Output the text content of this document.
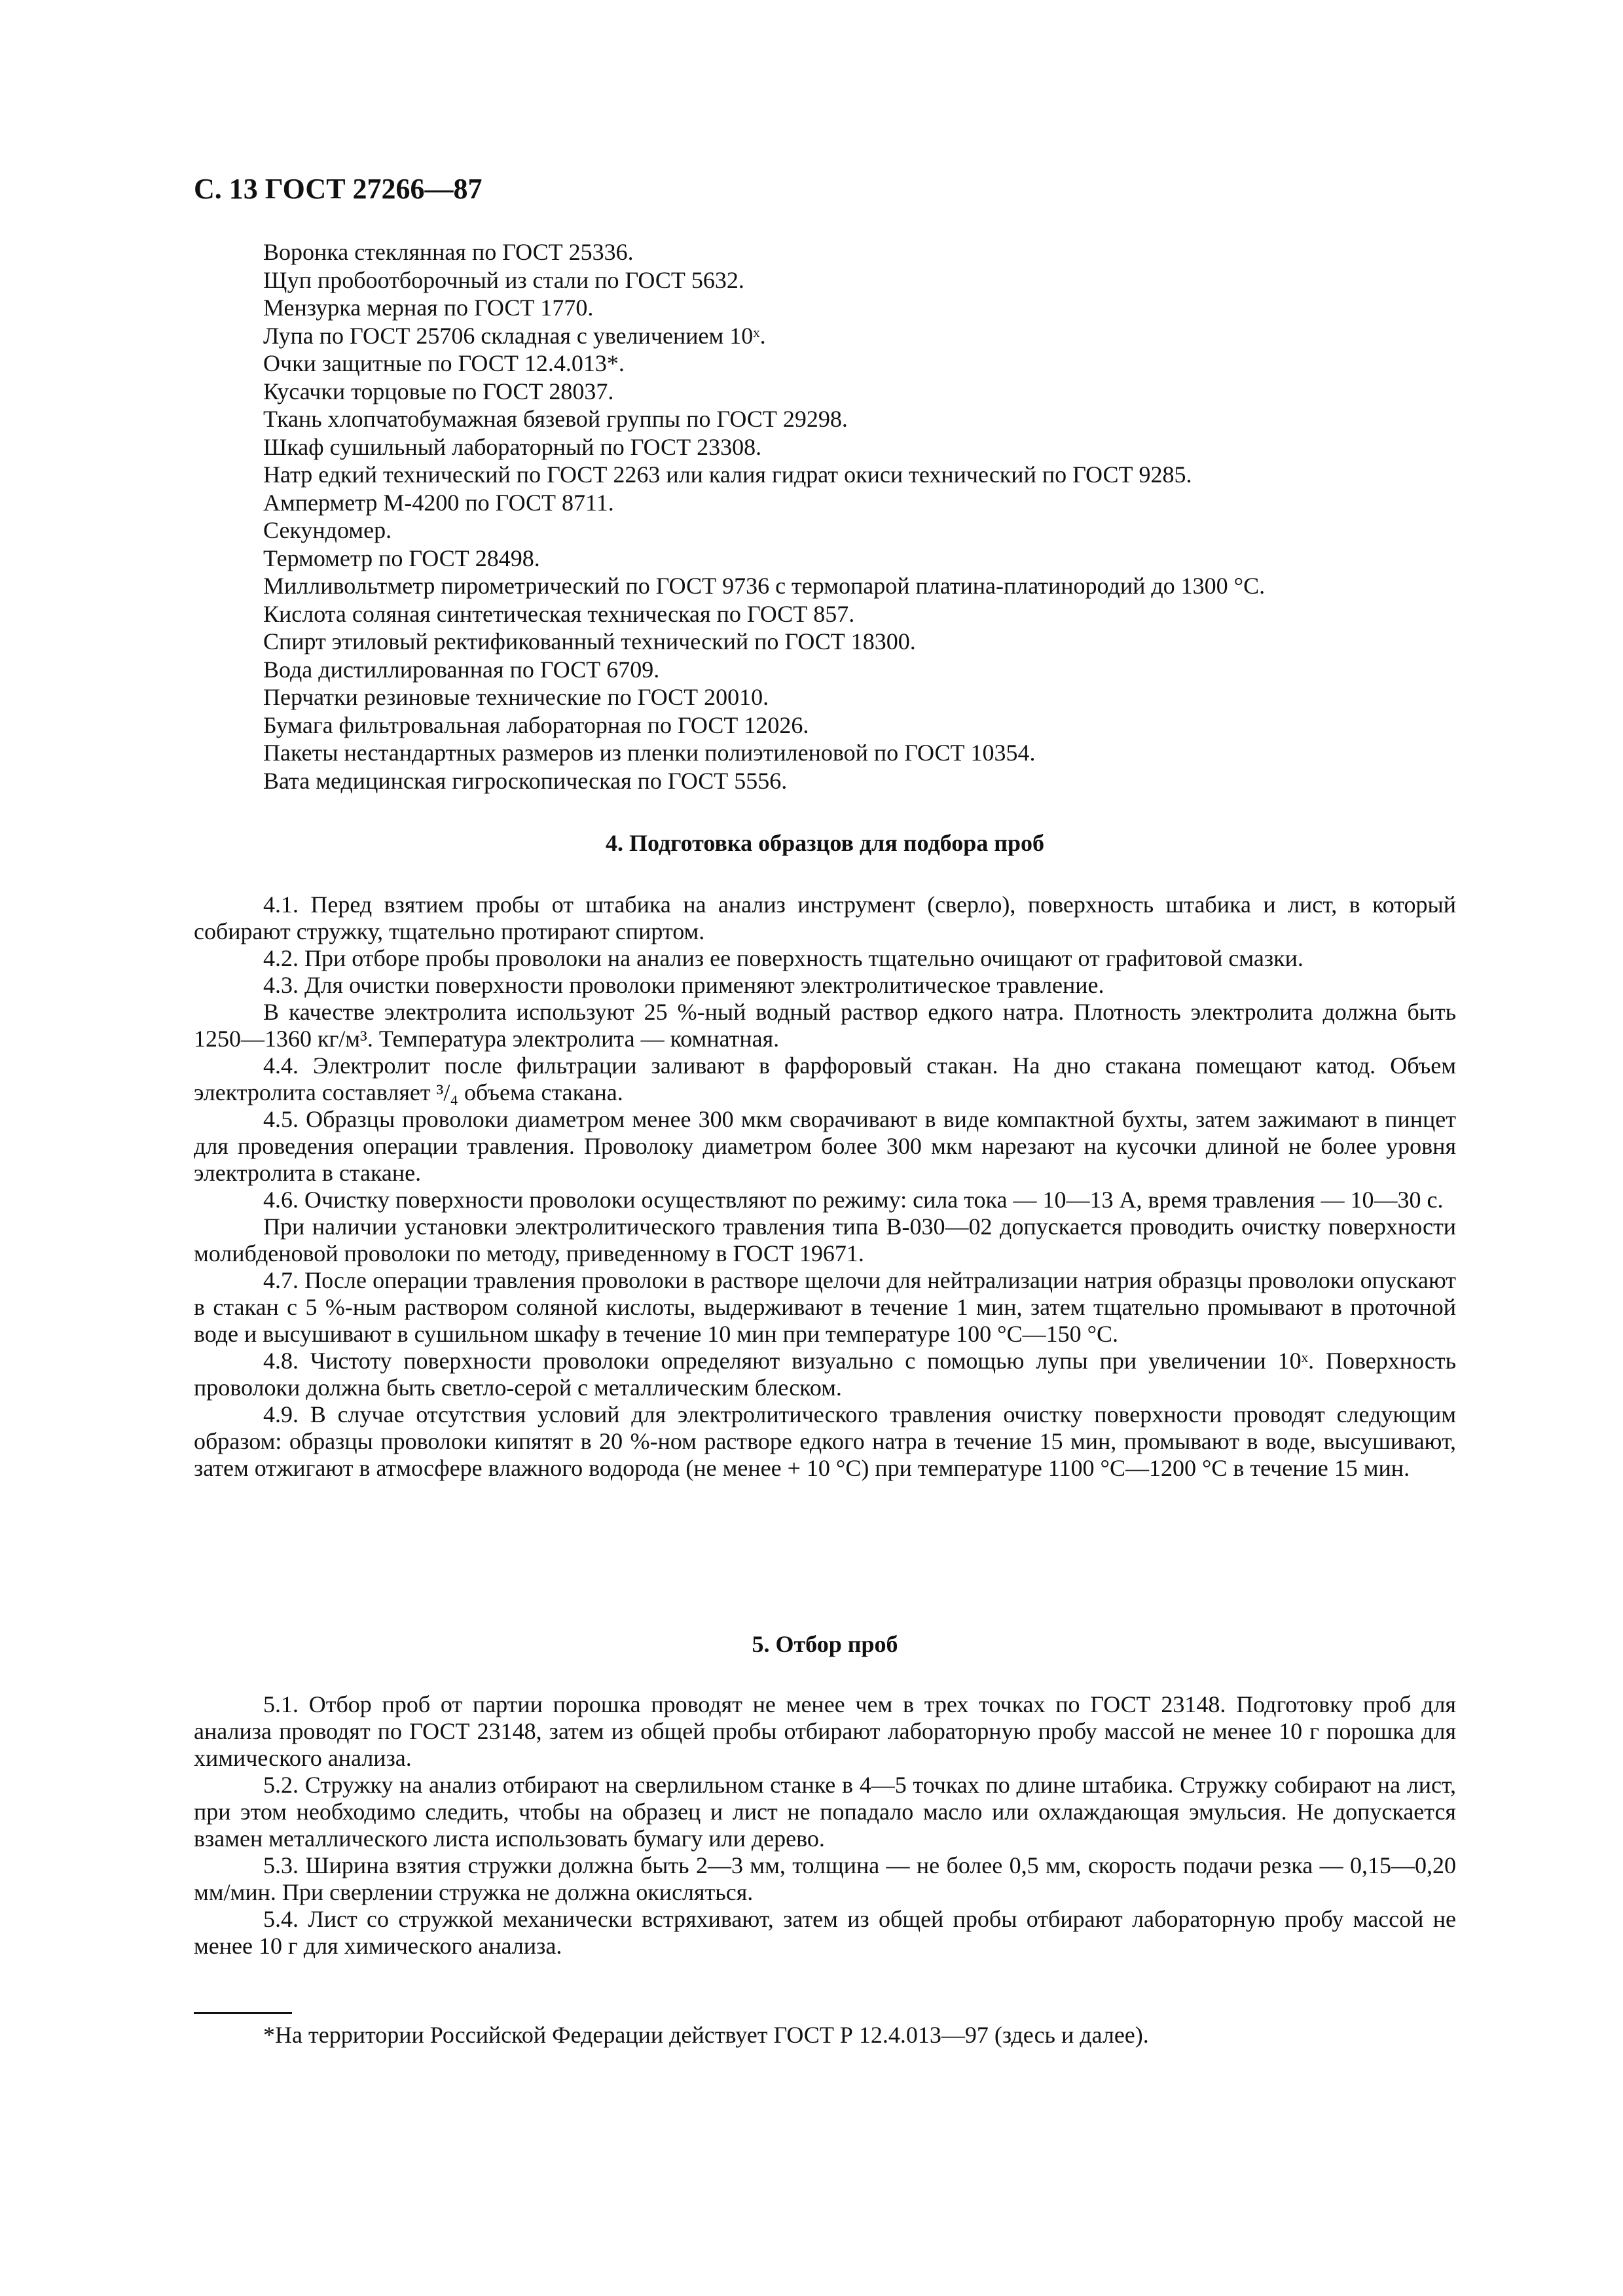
С. 13 ГОСТ 27266—87
Воронка стеклянная по ГОСТ 25336.
Щуп пробоотборочный из стали по ГОСТ 5632.
Мензурка мерная по ГОСТ 1770.
Лупа по ГОСТ 25706 складная с увеличением 10ˣ.
Очки защитные по ГОСТ 12.4.013*.
Кусачки торцовые по ГОСТ 28037.
Ткань хлопчатобумажная бязевой группы по ГОСТ 29298.
Шкаф сушильный лабораторный по ГОСТ 23308.
Натр едкий технический по ГОСТ 2263 или калия гидрат окиси технический по ГОСТ 9285.
Амперметр М-4200 по ГОСТ 8711.
Секундомер.
Термометр по ГОСТ 28498.
Милливольтметр пирометрический по ГОСТ 9736 с термопарой платина-платинородий до 1300 °С.
Кислота соляная синтетическая техническая по ГОСТ 857.
Спирт этиловый ректификованный технический по ГОСТ 18300.
Вода дистиллированная по ГОСТ 6709.
Перчатки резиновые технические по ГОСТ 20010.
Бумага фильтровальная лабораторная по ГОСТ 12026.
Пакеты нестандартных размеров из пленки полиэтиленовой по ГОСТ 10354.
Вата медицинская гигроскопическая по ГОСТ 5556.
4. Подготовка образцов для подбора проб

4.1. Перед взятием пробы от штабика на анализ инструмент (сверло), поверхность штабика и лист, в который собирают стружку, тщательно протирают спиртом.

4.2. При отборе пробы проволоки на анализ ее поверхность тщательно очищают от графитовой смазки.

4.3. Для очистки поверхности проволоки применяют электролитическое травление.

В качестве электролита используют 25 %-ный водный раствор едкого натра. Плотность электролита должна быть 1250—1360 кг/м³. Температура электролита — комнатная.

4.4. Электролит после фильтрации заливают в фарфоровый стакан. На дно стакана помещают катод. Объем электролита составляет ³/₄ объема стакана.

4.5. Образцы проволоки диаметром менее 300 мкм сворачивают в виде компактной бухты, затем зажимают в пинцет для проведения операции травления. Проволоку диаметром более 300 мкм нарезают на кусочки длиной не более уровня электролита в стакане.

4.6. Очистку поверхности проволоки осуществляют по режиму: сила тока — 10—13 А, время травления — 10—30 с.

При наличии установки электролитического травления типа В-030—02 допускается проводить очистку поверхности молибденовой проволоки по методу, приведенному в ГОСТ 19671.

4.7. После операции травления проволоки в растворе щелочи для нейтрализации натрия образцы проволоки опускают в стакан с 5 %-ным раствором соляной кислоты, выдерживают в течение 1 мин, затем тщательно промывают в проточной воде и высушивают в сушильном шкафу в течение 10 мин при температуре 100 °С—150 °С.

4.8. Чистоту поверхности проволоки определяют визуально с помощью лупы при увеличении 10ˣ. Поверхность проволоки должна быть светло-серой с металлическим блеском.

4.9. В случае отсутствия условий для электролитического травления очистку поверхности проводят следующим образом: образцы проволоки кипятят в 20 %-ном растворе едкого натра в течение 15 мин, промывают в воде, высушивают, затем отжигают в атмосфере влажного водорода (не менее + 10 °С) при температуре 1100 °С—1200 °С в течение 15 мин.

5. Отбор проб

5.1. Отбор проб от партии порошка проводят не менее чем в трех точках по ГОСТ 23148. Подготовку проб для анализа проводят по ГОСТ 23148, затем из общей пробы отбирают лабораторную пробу массой не менее 10 г порошка для химического анализа.

5.2. Стружку на анализ отбирают на сверлильном станке в 4—5 точках по длине штабика. Стружку собирают на лист, при этом необходимо следить, чтобы на образец и лист не попадало масло или охлаждающая эмульсия. Не допускается взамен металлического листа использовать бумагу или дерево.

5.3. Ширина взятия стружки должна быть 2—3 мм, толщина — не более 0,5 мм, скорость подачи резка — 0,15—0,20 мм/мин. При сверлении стружка не должна окисляться.

5.4. Лист со стружкой механически встряхивают, затем из общей пробы отбирают лабораторную пробу массой не менее 10 г для химического анализа.

*На территории Российской Федерации действует ГОСТ Р 12.4.013—97 (здесь и далее).
